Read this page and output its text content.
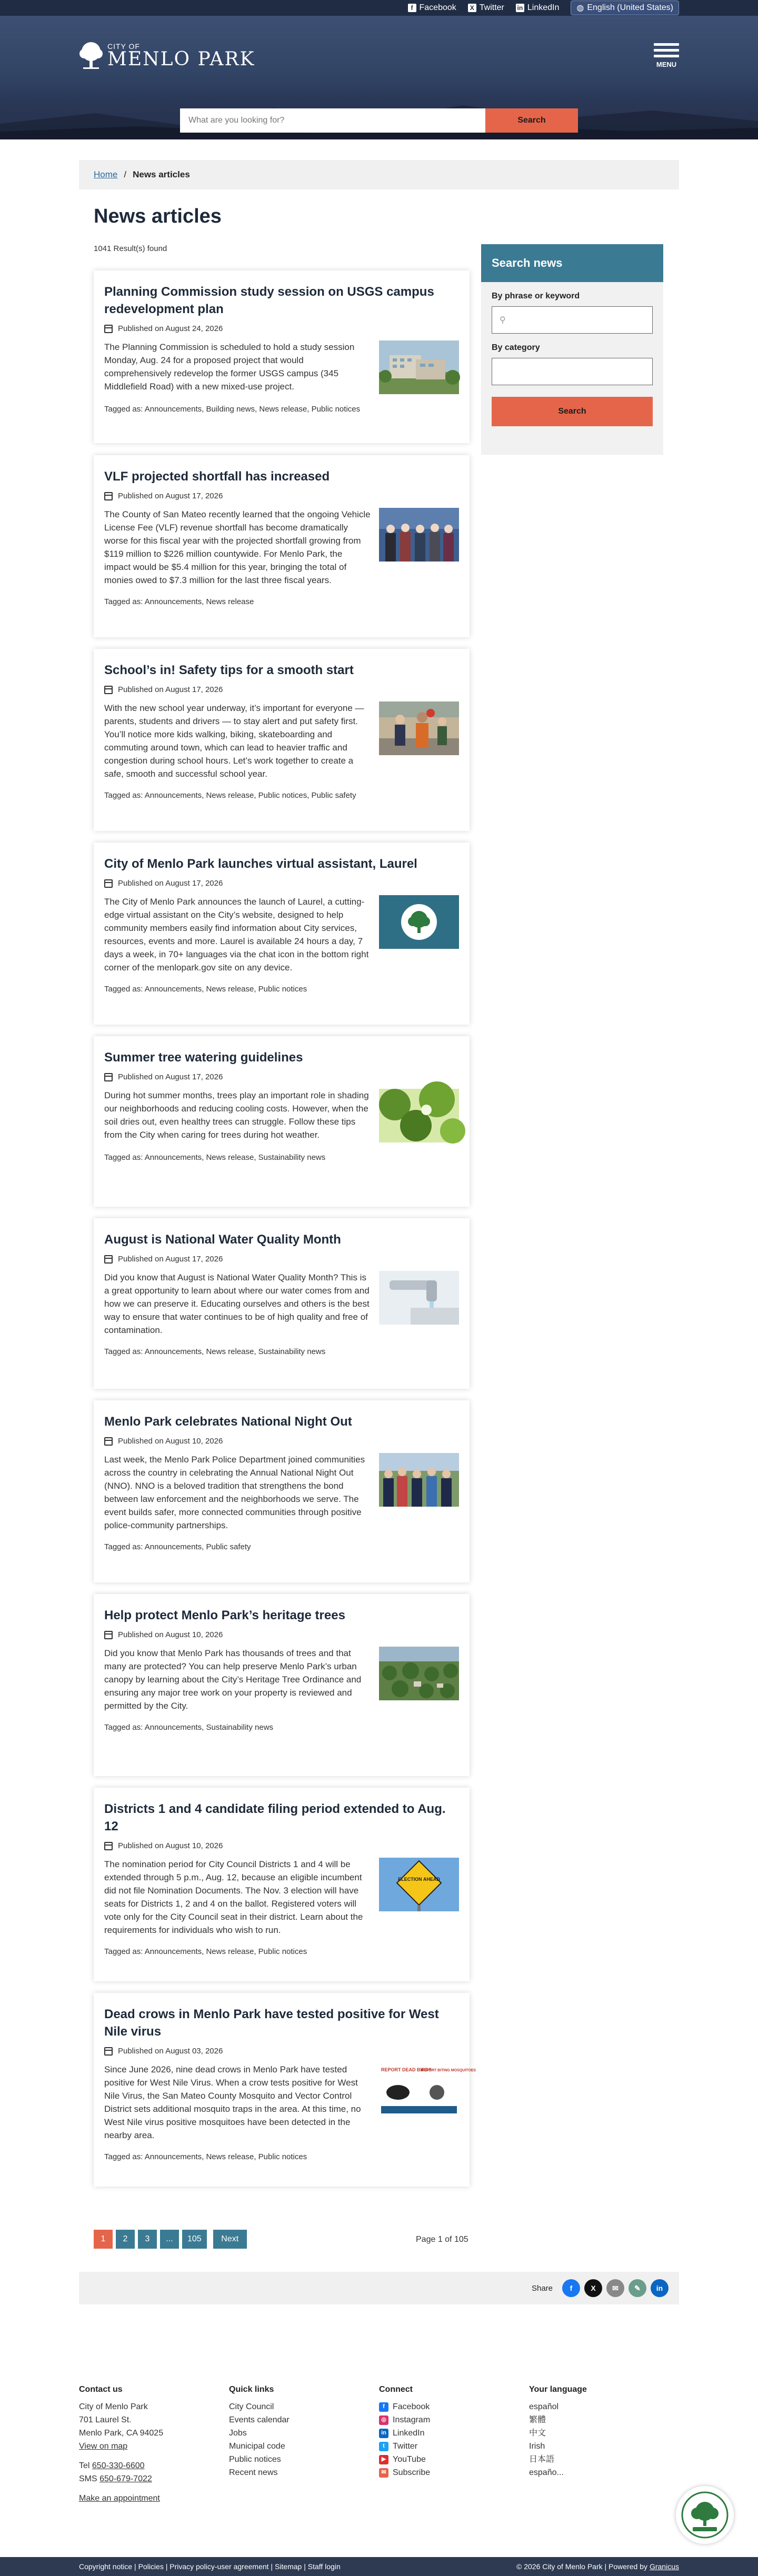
f Facebook	X Twitter in LinkedIn ◍ English (United States)
CITY OF
MENLO PARK	MENU
What are you looking for?
Search
Home / News articles
News articles
1041 Result(s) found
Search news
By phrase or keyword
⚲
By category
Search
Planning Commission study session on USGS campus redevelopment plan
Published on August 24, 2026

The Planning Commission is scheduled to hold a study session Monday, Aug. 24 for a proposed project that would comprehensively redevelop the former USGS campus (345 Middlefield Road) with a new mixed-use project.

Tagged as: Announcements, Building news, News release, Public notices
VLF projected shortfall has increased
Published on August 17, 2026

The County of San Mateo recently learned that the ongoing Vehicle License Fee (VLF) revenue shortfall has become dramatically worse for this fiscal year with the projected shortfall growing from $119 million to $226 million countywide. For Menlo Park, the impact would be $5.4 million for this year, bringing the total of monies owed to $7.3 million for the last three fiscal years.

Tagged as: Announcements, News release
School’s in! Safety tips for a smooth start
Published on August 17, 2026

With the new school year underway, it’s important for everyone — parents, students and drivers — to stay alert and put safety first. You’ll notice more kids walking, biking, skateboarding and commuting around town, which can lead to heavier traffic and congestion during school hours. Let’s work together to create a safe, smooth and successful school year.

Tagged as: Announcements, News release, Public notices, Public safety
City of Menlo Park launches virtual assistant, Laurel
Published on August 17, 2026

The City of Menlo Park announces the launch of Laurel, a cutting-edge virtual assistant on the City’s website, designed to help community members easily find information about City services, resources, events and more. Laurel is available 24 hours a day, 7 days a week, in 70+ languages via the chat icon in the bottom right corner of the menlopark.gov site on any device.

Tagged as: Announcements, News release, Public notices
Summer tree watering guidelines
Published on August 17, 2026

During hot summer months, trees play an important role in shading our neighborhoods and reducing cooling costs. However, when the soil dries out, even healthy trees can struggle. Follow these tips from the City when caring for trees during hot weather.

Tagged as: Announcements, News release, Sustainability news
August is National Water Quality Month
Published on August 17, 2026

Did you know that August is National Water Quality Month? This is a great opportunity to learn about where our water comes from and how we can preserve it. Educating ourselves and others is the best way to ensure that water continues to be of high quality and free of contamination.

Tagged as: Announcements, News release, Sustainability news
Menlo Park celebrates National Night Out
Published on August 10, 2026

Last week, the Menlo Park Police Department joined communities across the country in celebrating the Annual National Night Out (NNO). NNO is a beloved tradition that strengthens the bond between law enforcement and the neighborhoods we serve. The event builds safer, more connected communities through positive police-community partnerships.

Tagged as: Announcements, Public safety
Help protect Menlo Park’s heritage trees
Published on August 10, 2026

Did you know that Menlo Park has thousands of trees and that many are protected? You can help preserve Menlo Park’s urban canopy by learning about the City’s Heritage Tree Ordinance and ensuring any major tree work on your property is reviewed and permitted by the City.

Tagged as: Announcements, Sustainability news
Districts 1 and 4 candidate filing period extended to Aug. 12
Published on August 10, 2026

The nomination period for City Council Districts 1 and 4 will be extended through 5 p.m., Aug. 12, because an eligible incumbent did not file Nomination Documents. The Nov. 3 election will have seats for Districts 1, 2 and 4 on the ballot. Registered voters will vote only for the City Council seat in their district. Learn about the requirements for individuals who wish to run.

ELECTION AHEAD
Tagged as: Announcements, News release, Public notices
Dead crows in Menlo Park have tested positive for West Nile virus
Published on August 03, 2026

Since June 2026, nine dead crows in Menlo Park have tested positive for West Nile Virus. When a crow tests positive for West Nile Virus, the San Mateo County Mosquito and Vector Control District sets additional mosquito traps in the area. At this time, no West Nile virus positive mosquitoes have been detected in the nearby area.

REPORT DEAD BIRDS
REPORT BITING MOSQUITOES
Tagged as: Announcements, News release, Public notices
1	2	3	...	105	Next	Page 1 of 105
Share	f	X	✉	✎	in
Contact us
City of Menlo Park
701 Laurel St.
Menlo Park, CA 94025
View on map
Tel 650-330-6600
SMS 650-679-7022
Make an appointment
Quick links
City Council
Events calendar
Jobs
Municipal code
Public notices
Recent news
Connect
f Facebook
◎ Instagram
in LinkedIn
t Twitter
▶ YouTube
✉ Subscribe
Your language
español
繁體
中文
Irish
日本語
españo...
Copyright notice | Policies | Privacy policy-user agreement | Sitemap | Staff login	© 2026 City of Menlo Park | Powered by Granicus
